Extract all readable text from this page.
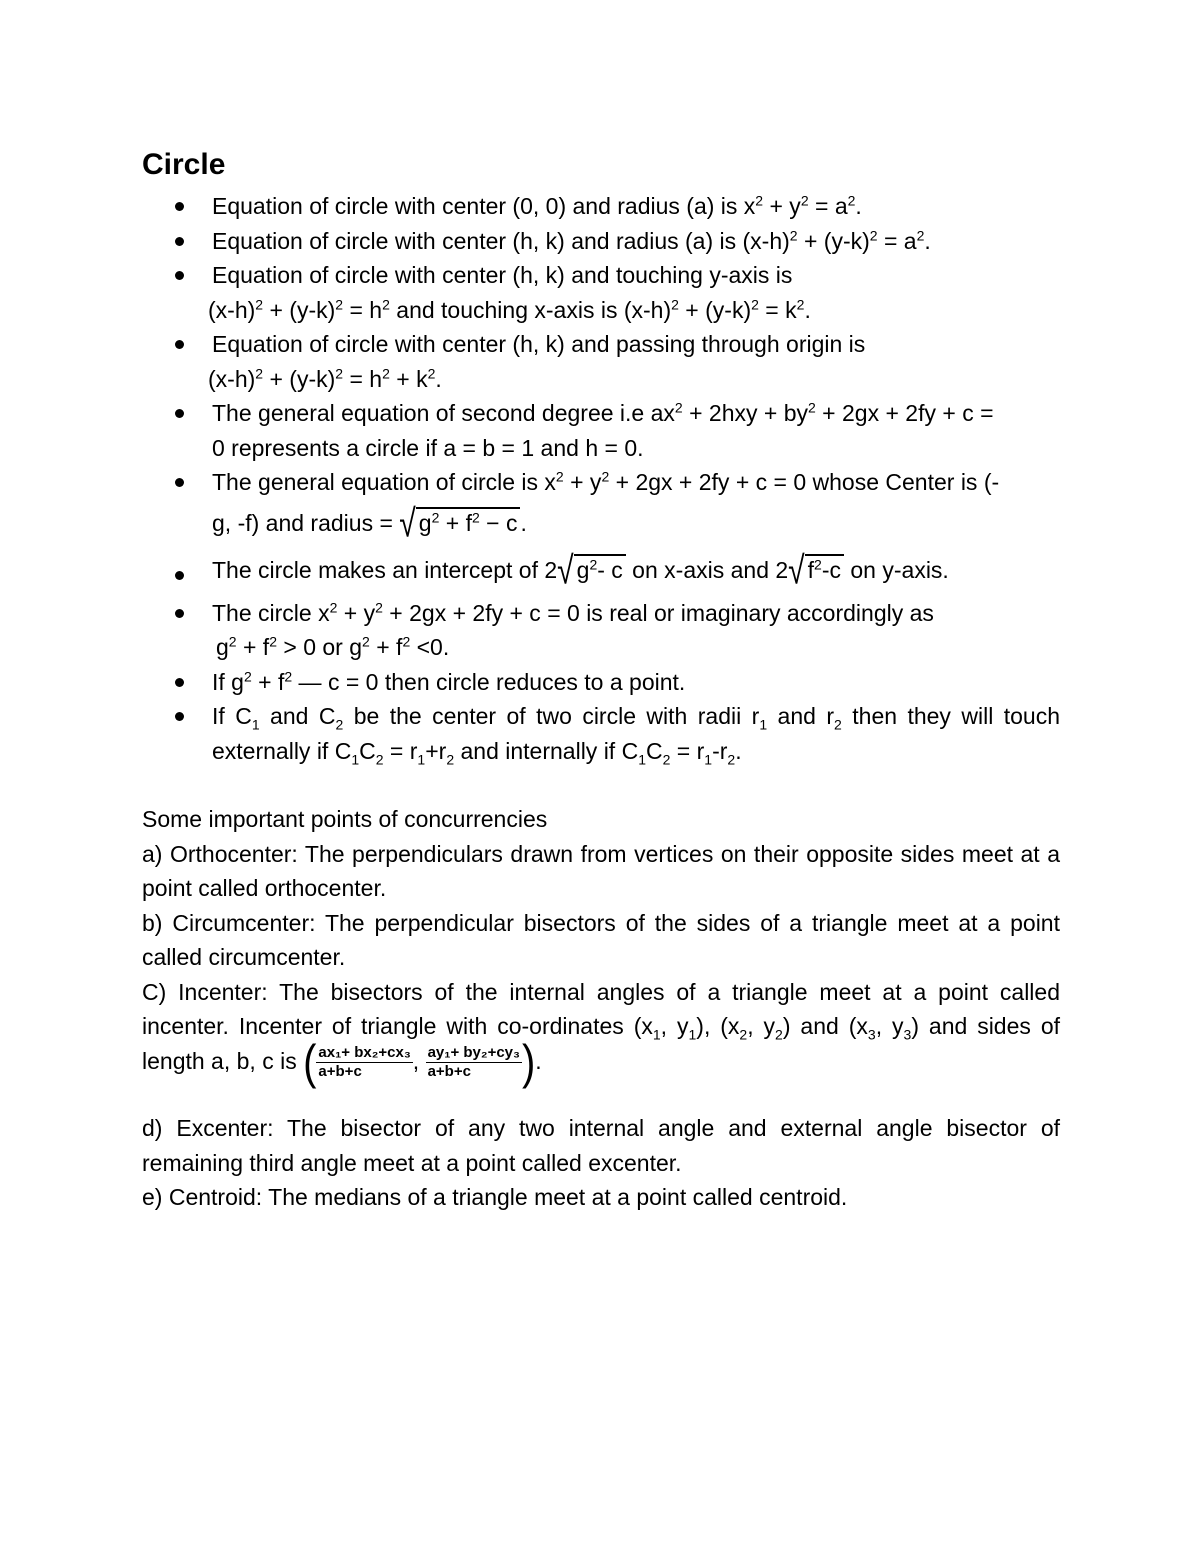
Circle
Equation of circle with center (0, 0) and radius (a) is $x^2 + y^2 = a^2$.
Equation of circle with center (h, k) and radius (a) is $(x-h)^2 + (y-k)^2 = a^2$.
Equation of circle with center (h, k) and touching y-axis is
$(x-h)^2 + (y-k)^2 = h^2$ and touching x-axis is $(x-h)^2 + (y-k)^2 = k^2$.
Equation of circle with center (h, k) and passing through origin is
$(x-h)^2 + (y-k)^2 = h^2 + k^2$.
The general equation of second degree i.e $ax^2 + 2hxy + by^2 + 2gx + 2fy + c$ =
0 represents a circle if a = b = 1 and h = 0.
The general equation of circle is $x^2 + y^2 + 2gx + 2fy + c = 0$ whose Center is (-
g, -f) and radius = √ $g^2 + f^2 - c$ .
The circle makes an intercept of 2√ $g^2-$ c on x-axis and 2√ $f^2-c$ on y-axis.
The circle $x^2 + y^2 + 2gx + 2fy + c = 0$ is real or imaginary accordingly as
$g^2 + f^2 > 0$ or $g^2 + f^2 <0$.
If $g^2 + f^2$ — c = 0 then circle reduces to a point.
If $C_1$ and $C_2$ be the center of two circle with radii $r_1$ and $r_2$ then they will touch externally if $C_1C_2 = r_1+r_2$ and internally if $C_1C_2 = r_1-r_2$.

Some important points of concurrencies

a) Orthocenter: The perpendiculars drawn from vertices on their opposite sides meet at a point called orthocenter.

b) Circumcenter: The perpendicular bisectors of the sides of a triangle meet at a point called circumcenter.

C) Incenter: The bisectors of the internal angles of a triangle meet at a point called incenter. Incenter of triangle with co-ordinates ($x_1$, $y_1$), ($x_2$, $y_2$) and ($x_3$, $y_3$) and sides of length a, b, c is ( $\frac{\text{ax₁+ bx₂+cx₃}}{a+b+c}$ , $\frac{\text{ay₁+ by₂+cy₃}}{a+b+c}$ ).

d) Excenter: The bisector of any two internal angle and external angle bisector of remaining third angle meet at a point called excenter.

e) Centroid: The medians of a triangle meet at a point called centroid.
